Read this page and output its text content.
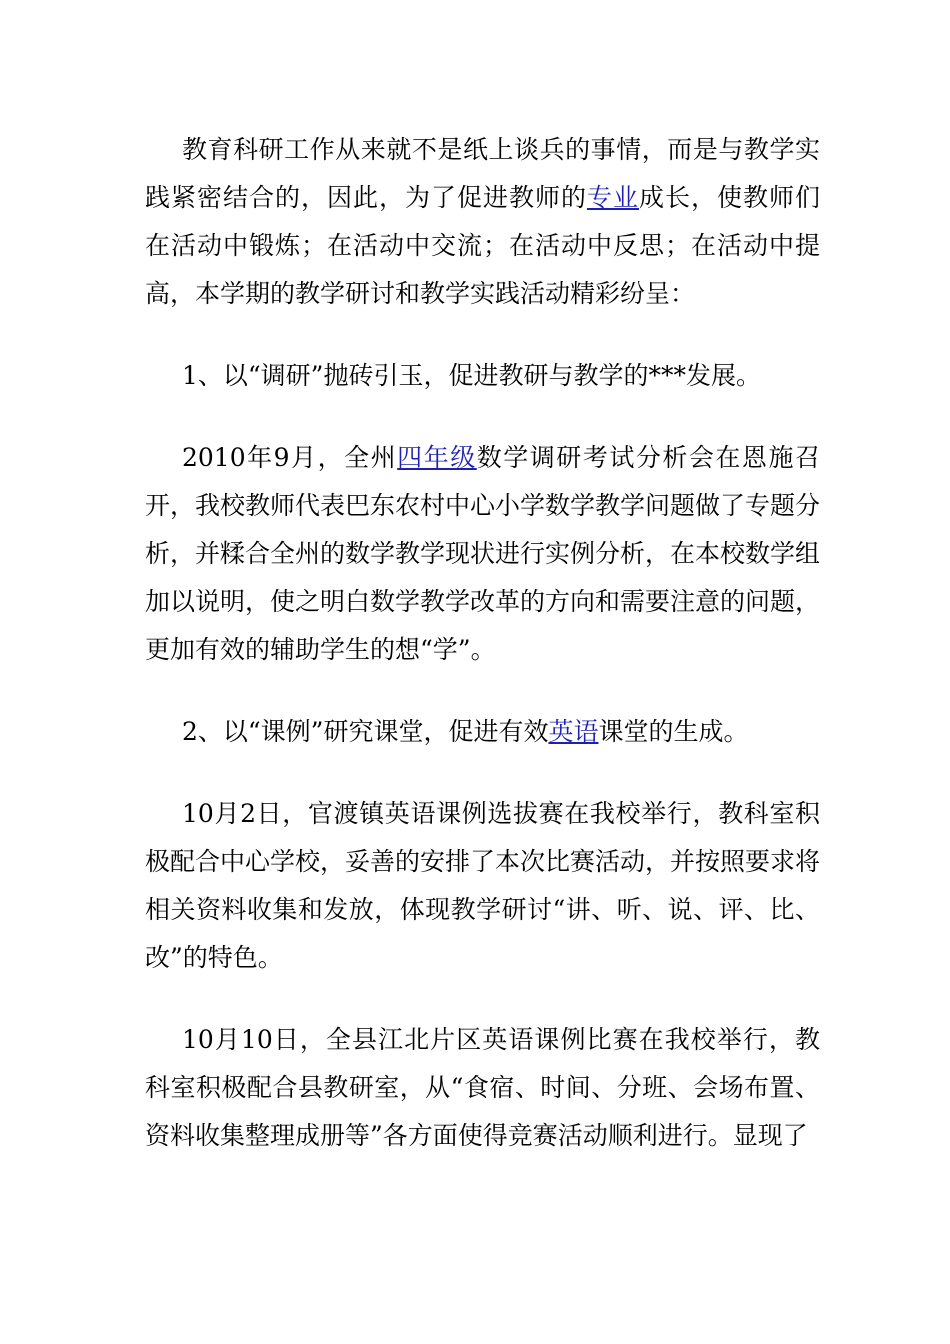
教育科研工作从来就不是纸上谈兵的事情，而是与教学实践紧密结合的，因此，为了促进教师的专业成长，使教师们在活动中锻炼；在活动中交流；在活动中反思；在活动中提高，本学期的教学研讨和教学实践活动精彩纷呈：

1、以“调研”抛砖引玉，促进教研与教学的***发展。

2010年9月，全州四年级数学调研考试分析会在恩施召开，我校教师代表巴东农村中心小学数学教学问题做了专题分析，并糅合全州的数学教学现状进行实例分析，在本校数学组加以说明，使之明白数学教学改革的方向和需要注意的问题，更加有效的辅助学生的想“学”。

2、以“课例”研究课堂，促进有效英语课堂的生成。

10月2日，官渡镇英语课例选拔赛在我校举行，教科室积极配合中心学校，妥善的安排了本次比赛活动，并按照要求将相关资料收集和发放，体现教学研讨“讲、听、说、评、比、改”的特色。

10月10日，全县江北片区英语课例比赛在我校举行，教科室积极配合县教研室，从“食宿、时间、分班、会场布置、资料收集整理成册等”各方面使得竞赛活动顺利进行。显现了
